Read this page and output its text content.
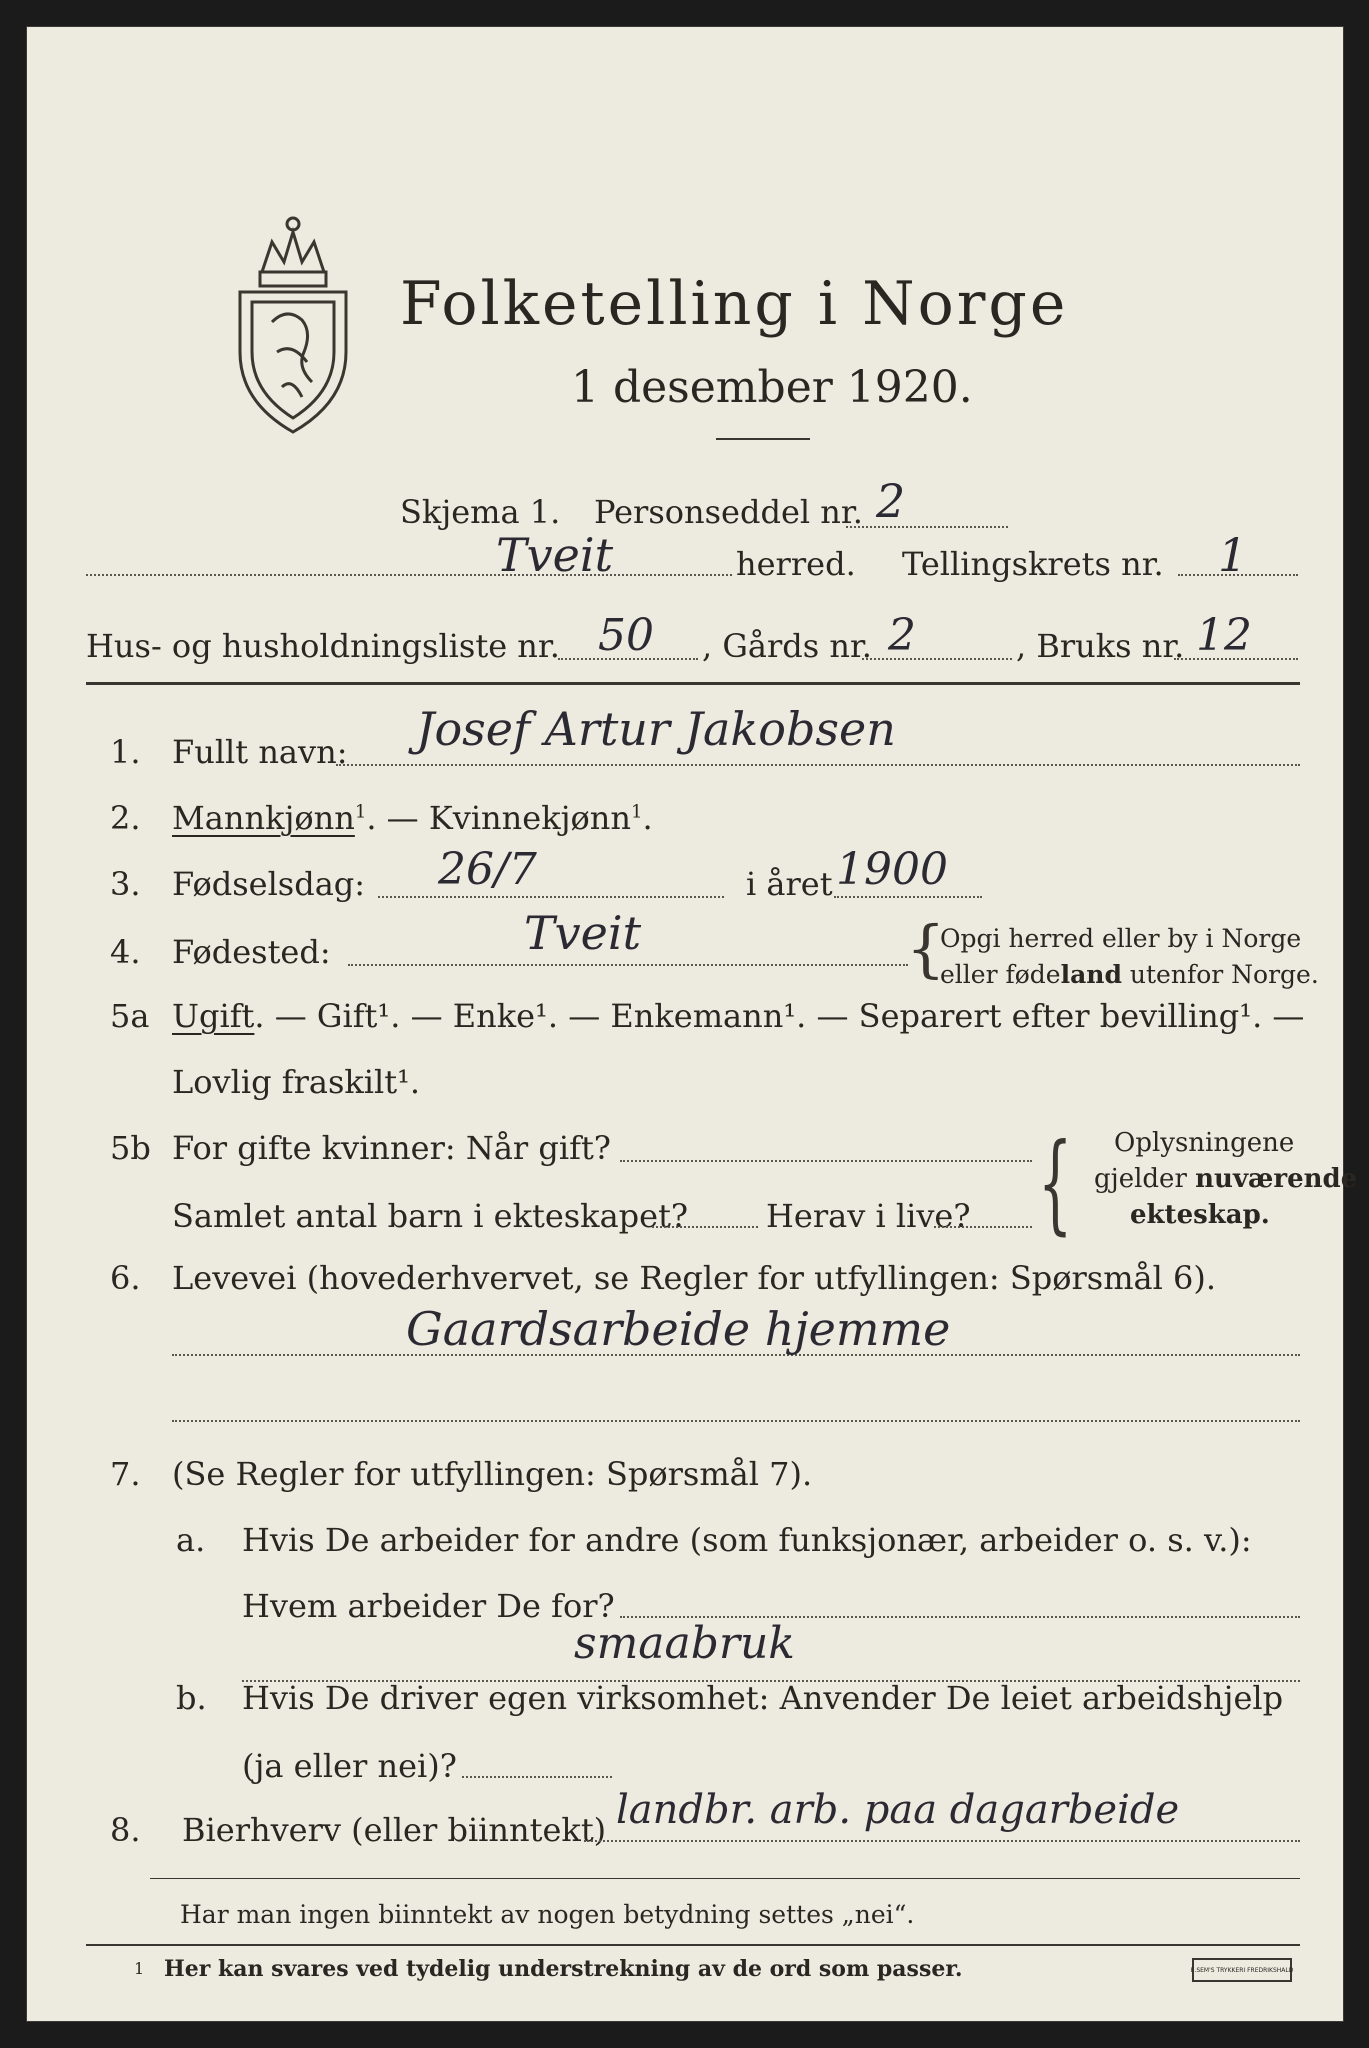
Folketelling i Norge
1 desember 1920.
Skjema 1. Personseddel nr. 2
Tveit	herred. Tellingskrets nr. 1
Hus- og husholdningsliste nr. 50 , Gårds nr. 2	, Bruks nr. 12
1. Fullt navn: Josef Artur Jakobsen
2. Mannkjønn$^1$. — Kvinnekjønn$^1$.
3. Fødselsdag: 26/7	i året 1900
4. Fødested:	Tveit	{
Opgi herred eller by i Norge
eller fødeland utenfor Norge.
5a Ugift. — Gift¹. — Enke¹. — Enkemann¹. — Separert efter bevilling¹. —
Lovlig fraskilt¹.
5b For gifte kvinner: Når gift?
Samlet antal barn i ekteskapet? Herav i live? { Oplysningene
gjelder nuværende
ekteskap.
6. Levevei (hovederhvervet, se Regler for utfyllingen: Spørsmål 6).
Gaardsarbeide hjemme
7. (Se Regler for utfyllingen: Spørsmål 7).
a. Hvis De arbeider for andre (som funksjonær, arbeider o. s. v.):
Hvem arbeider De for?
smaabruk
b. Hvis De driver egen virksomhet: Anvender De leiet arbeidshjelp
(ja eller nei)?
8. Bierhverv (eller biinntekt) landbr. arb. paa dagarbeide
Har man ingen biinntekt av nogen betydning settes „nei“.
1 Her kan svares ved tydelig understrekning av de ord som passer.	E.SEM'S TRYKKERI FREDRIKSHALD
